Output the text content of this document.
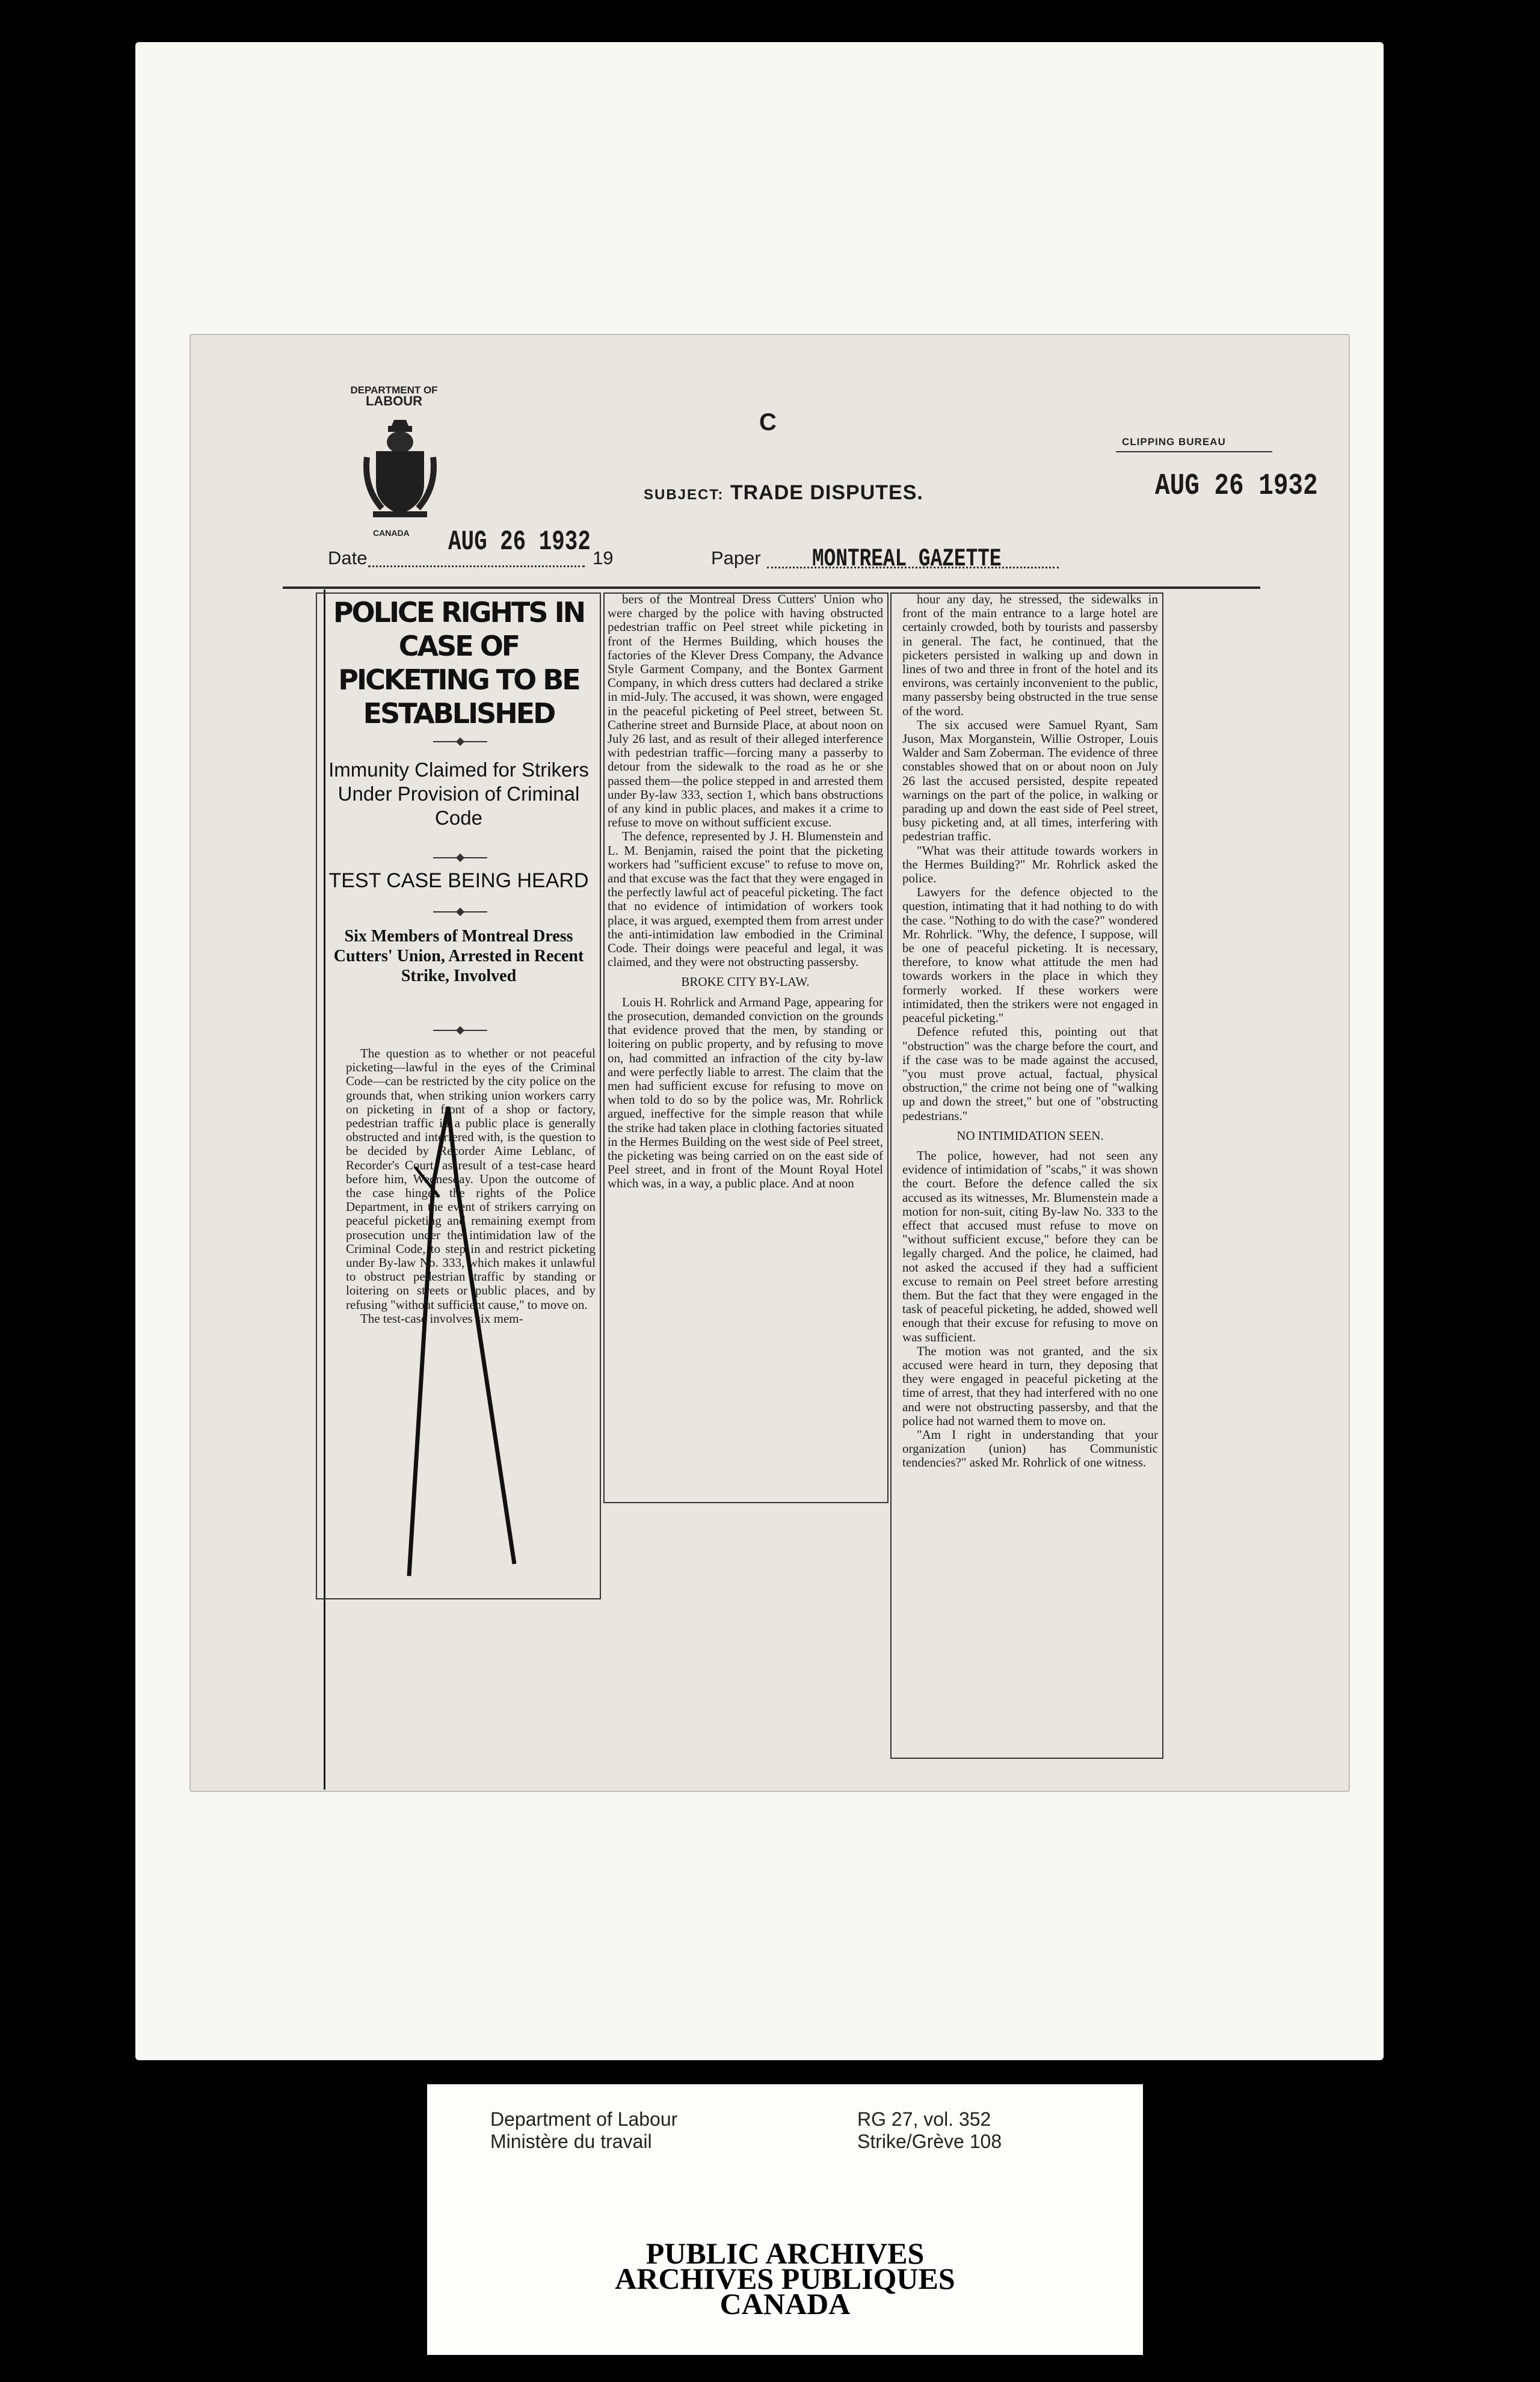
DEPARTMENT OF
LABOUR
CANADA
C
CLIPPING BUREAU
AUG 26 1932
SUBJECT: TRADE DISPUTES.
Date
AUG 26 1932
19	Paper MONTREAL GAZETTE
POLICE RIGHTS IN CASE OF PICKETING TO BE ESTABLISHED
Immunity Claimed for Strikers Under Provision of Criminal Code
TEST CASE BEING HEARD
Six Members of Montreal Dress Cutters' Union, Arrested in Recent Strike, Involved

The question as to whether or not peaceful picketing—lawful in the eyes of the Criminal Code—can be restricted by the city police on the grounds that, when striking union workers carry on picketing in front of a shop or factory, pedestrian traffic in a public place is generally obstructed and interfered with, is the question to be decided by Recorder Aime Leblanc, of Recorder's Court, as result of a test-case heard before him, Wednesday. Upon the outcome of the case hinges the rights of the Police Department, in the event of strikers carrying on peaceful picketing and remaining exempt from prosecution under the intimidation law of the Criminal Code, to step in and restrict picketing under By-law No. 333, which makes it unlawful to obstruct pedestrian traffic by standing or loitering on streets or public places, and by refusing "without sufficient cause," to move on.

The test-case involves six mem-

bers of the Montreal Dress Cutters' Union who were charged by the police with having obstructed pedestrian traffic on Peel street while picketing in front of the Hermes Building, which houses the factories of the Klever Dress Company, the Advance Style Garment Company, and the Bontex Garment Company, in which dress cutters had declared a strike in mid-July. The accused, it was shown, were engaged in the peaceful picketing of Peel street, between St. Catherine street and Burnside Place, at about noon on July 26 last, and as result of their alleged interference with pedestrian traffic—forcing many a passerby to detour from the sidewalk to the road as he or she passed them—the police stepped in and arrested them under By-law 333, section 1, which bans obstructions of any kind in public places, and makes it a crime to refuse to move on without sufficient excuse.

The defence, represented by J. H. Blumenstein and L. M. Benjamin, raised the point that the picketing workers had "sufficient excuse" to refuse to move on, and that excuse was the fact that they were engaged in the perfectly lawful act of peaceful picketing. The fact that no evidence of intimidation of workers took place, it was argued, exempted them from arrest under the anti-intimidation law embodied in the Criminal Code. Their doings were peaceful and legal, it was claimed, and they were not obstructing passersby.

BROKE CITY BY-LAW.

Louis H. Rohrlick and Armand Page, appearing for the prosecution, demanded conviction on the grounds that evidence proved that the men, by standing or loitering on public property, and by refusing to move on, had committed an infraction of the city by-law and were perfectly liable to arrest. The claim that the men had sufficient excuse for refusing to move on when told to do so by the police was, Mr. Rohrlick argued, ineffective for the simple reason that while the strike had taken place in clothing factories situated in the Hermes Building on the west side of Peel street, the picketing was being carried on on the east side of Peel street, and in front of the Mount Royal Hotel which was, in a way, a public place. And at noon

hour any day, he stressed, the sidewalks in front of the main entrance to a large hotel are certainly crowded, both by tourists and passersby in general. The fact, he continued, that the picketers persisted in walking up and down in lines of two and three in front of the hotel and its environs, was certainly inconvenient to the public, many passersby being obstructed in the true sense of the word.

The six accused were Samuel Ryant, Sam Juson, Max Morganstein, Willie Ostroper, Louis Walder and Sam Zoberman. The evidence of three constables showed that on or about noon on July 26 last the accused persisted, despite repeated warnings on the part of the police, in walking or parading up and down the east side of Peel street, busy picketing and, at all times, interfering with pedestrian traffic.

"What was their attitude towards workers in the Hermes Building?" Mr. Rohrlick asked the police.

Lawyers for the defence objected to the question, intimating that it had nothing to do with the case. "Nothing to do with the case?" wondered Mr. Rohrlick. "Why, the defence, I suppose, will be one of peaceful picketing. It is necessary, therefore, to know what attitude the men had towards workers in the place in which they formerly worked. If these workers were intimidated, then the strikers were not engaged in peaceful picketing."

Defence refuted this, pointing out that "obstruction" was the charge before the court, and if the case was to be made against the accused, "you must prove actual, factual, physical obstruction," the crime not being one of "walking up and down the street," but one of "obstructing pedestrians."

NO INTIMIDATION SEEN.

The police, however, had not seen any evidence of intimidation of "scabs," it was shown the court. Before the defence called the six accused as its witnesses, Mr. Blumenstein made a motion for non-suit, citing By-law No. 333 to the effect that accused must refuse to move on "without sufficient excuse," before they can be legally charged. And the police, he claimed, had not asked the accused if they had a sufficient excuse to remain on Peel street before arresting them. But the fact that they were engaged in the task of peaceful picketing, he added, showed well enough that their excuse for refusing to move on was sufficient.

The motion was not granted, and the six accused were heard in turn, they deposing that they were engaged in peaceful picketing at the time of arrest, that they had interfered with no one and were not obstructing passersby, and that the police had not warned them to move on.

"Am I right in understanding that your organization (union) has Communistic tendencies?" asked Mr. Rohrlick of one witness.

Department of Labour
Ministère du travail
RG 27, vol. 352
Strike/Grève 108
PUBLIC ARCHIVES
ARCHIVES PUBLIQUES
CANADA
